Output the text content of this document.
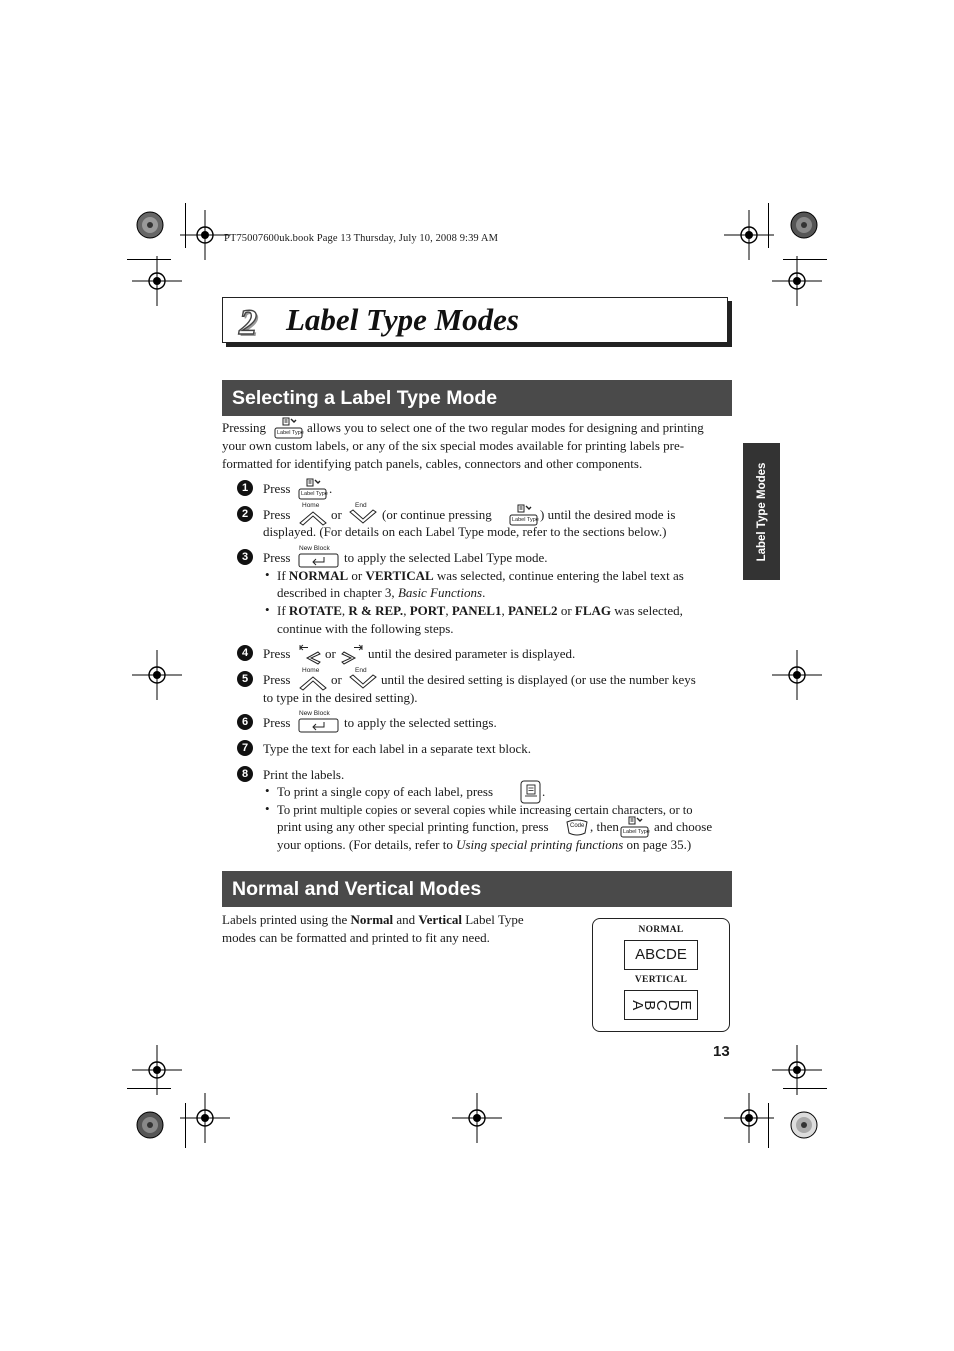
PT75007600uk.book Page 13 Thursday, July 10, 2008 9:39 AM
2 Label Type Modes
Label Type Modes
Selecting a Label Type Mode
Pressing Label Type allows you to select one of the two regular modes for designing and printing
your own custom labels, or any of the six special modes available for printing labels pre-
formatted for identifying patch panels, cables, connectors and other components.
1	Press Label Type .
2	Press
Home
or
End
(or continue pressing	Label Type ) until the desired mode is
displayed. (For details on each Label Type mode, refer to the sections below.)
3	Press
New Block
to apply the selected Label Type mode.
• If NORMAL or VERTICAL was selected, continue entering the label text as
described in chapter 3, Basic Functions.
• If ROTATE, R & REP., PORT, PANEL1, PANEL2 or FLAG was selected,
continue with the following steps.
4	Press	or until the desired parameter is displayed.
5	Press
Home
or
End
until the desired setting is displayed (or use the number keys
to type in the desired setting).
6	Press
New Block
to apply the selected settings.
7	Type the text for each label in a separate text block.
8	Print the labels.
• To print a single copy of each label, press	.
• To print multiple copies or several copies while increasing certain characters, or to
print using any other special printing function, press	Code , then Label Type and choose
your options. (For details, refer to Using special printing functions on page 35.)
Normal and Vertical Modes
Labels printed using the Normal and Vertical Label Type
modes can be formatted and printed to fit any need.	NORMAL
ABCDE
VERTICAL
ABCDE
13
